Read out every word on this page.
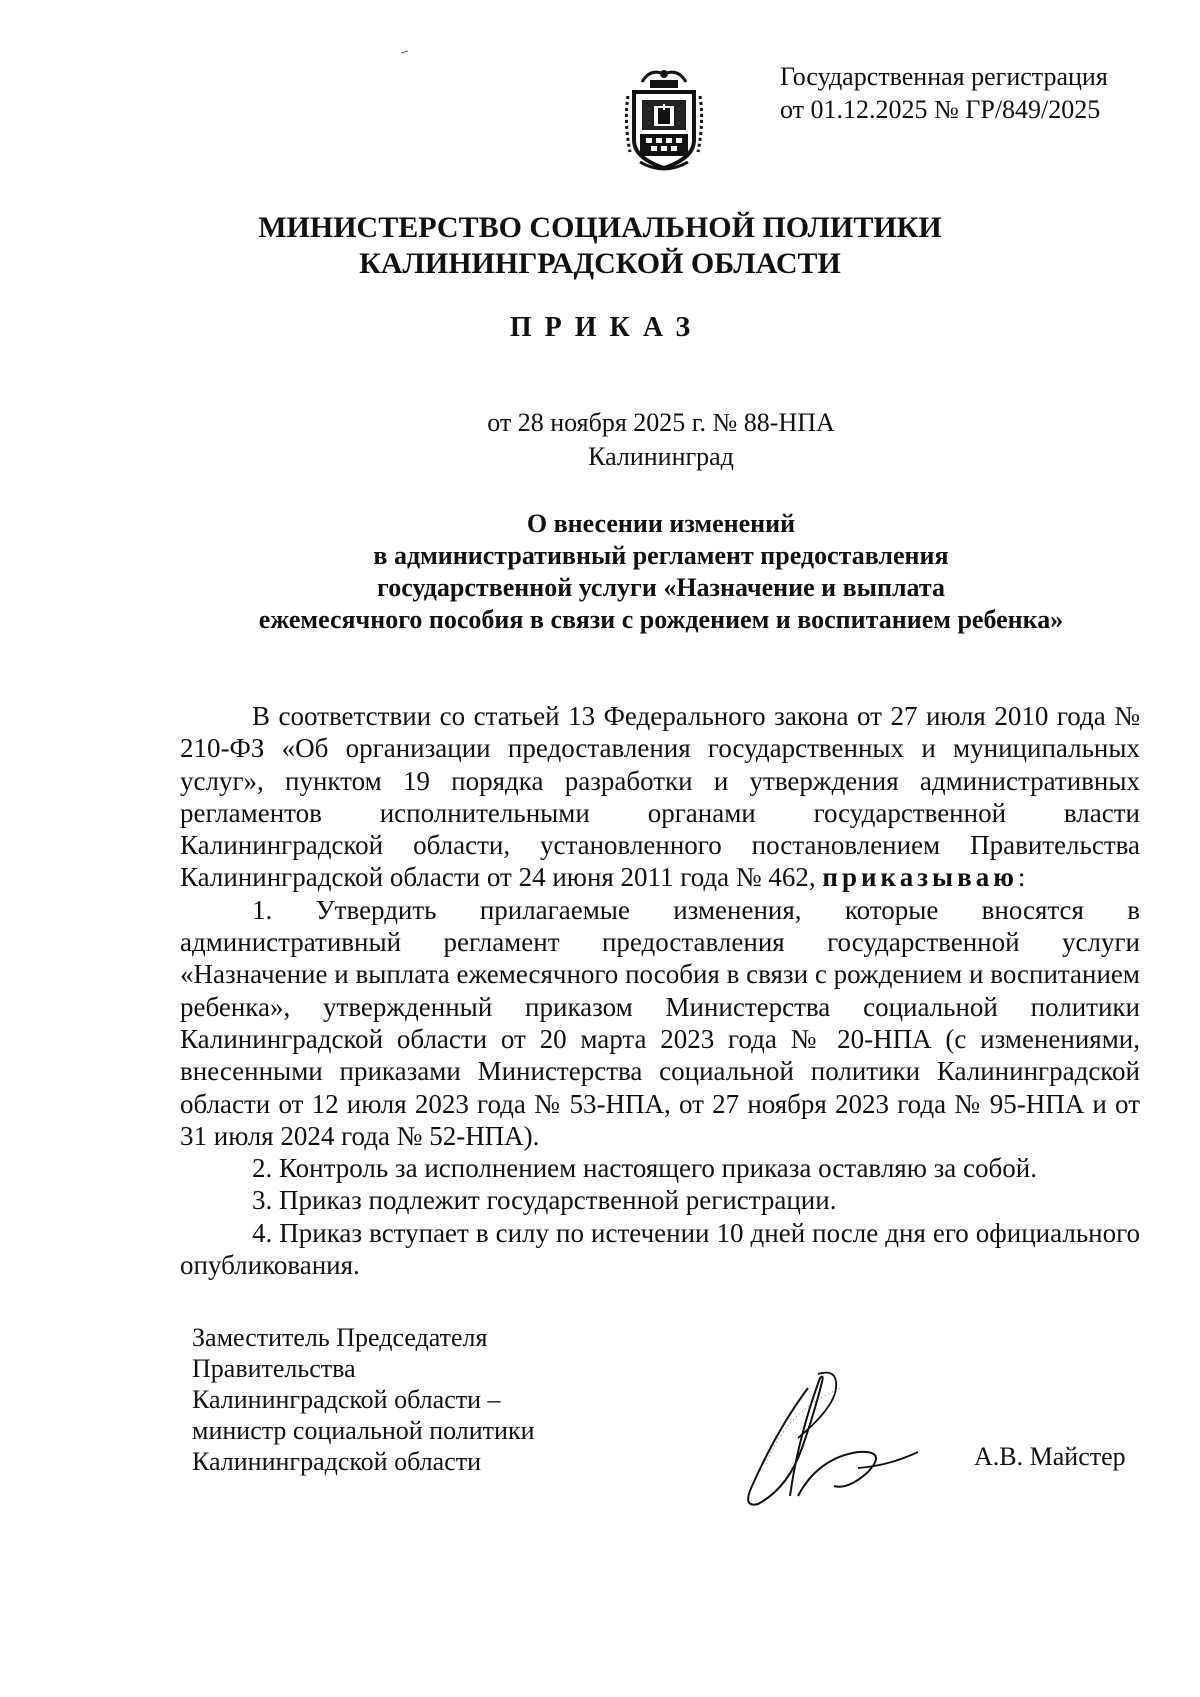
Государственная регистрация
от 01.12.2025 № ГР/849/2025
МИНИСТЕРСТВО СОЦИАЛЬНОЙ ПОЛИТИКИ
КАЛИНИНГРАДСКОЙ ОБЛАСТИ
ПРИКАЗ
от 28 ноября 2025 г. № 88-НПА
Калининград
О внесении изменений
в административный регламент предоставления
государственной услуги «Назначение и выплата
ежемесячного пособия в связи с рождением и воспитанием ребенка»

В соответствии со статьей 13 Федерального закона от 27 июля 2010 года № 210-ФЗ «Об организации предоставления государственных и муниципальных услуг», пунктом 19 порядка разработки и утверждения административных регламентов исполнительными органами государственной власти Калининградской области, установленного постановлением Правительства Калининградской области от 24 июня 2011 года № 462, приказываю:

1. Утвердить прилагаемые изменения, которые вносятся в административный регламент предоставления государственной услуги «Назначение и выплата ежемесячного пособия в связи с рождением и воспитанием ребенка», утвержденный приказом Министерства социальной политики Калининградской области от 20 марта 2023 года № 20-НПА (с изменениями, внесенными приказами Министерства социальной политики Калининградской области от 12 июля 2023 года № 53-НПА, от 27 ноября 2023 года № 95-НПА и от 31 июля 2024 года № 52-НПА).

2. Контроль за исполнением настоящего приказа оставляю за собой.

3. Приказ подлежит государственной регистрации.

4. Приказ вступает в силу по истечении 10 дней после дня его официального опубликования.

Заместитель Председателя
Правительства
Калининградской области –
министр социальной политики
Калининградской области	А.В. Майстер
